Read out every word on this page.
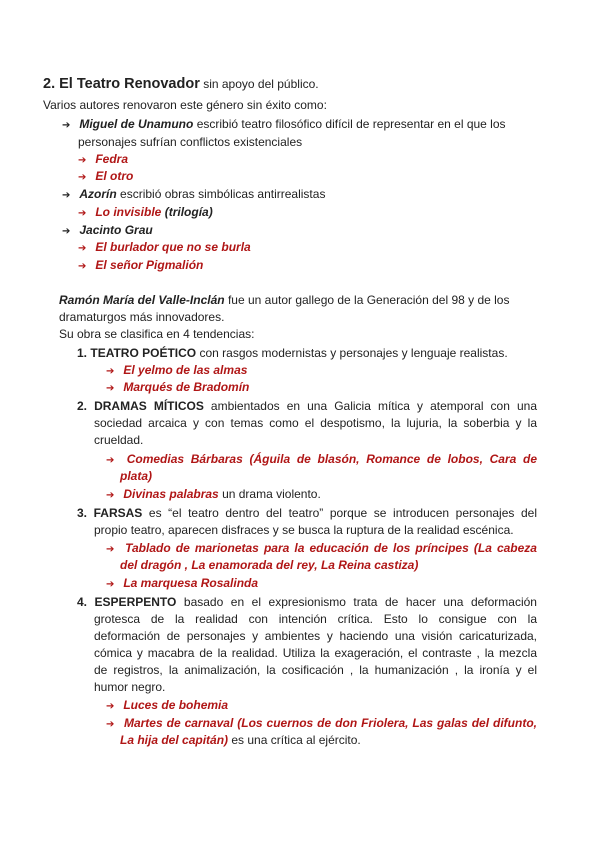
2. El Teatro Renovador sin apoyo del público.
Varios autores renovaron este género sin éxito como:
➔ Miguel de Unamuno escribió teatro filosófico difícil de representar en el que los
personajes sufrían conflictos existenciales
➔ Fedra
➔ El otro
➔ Azorín escribió obras simbólicas antirrealistas
➔ Lo invisible (trilogía)
➔ Jacinto Grau
➔ El burlador que no se burla
➔ El señor Pigmalión
Ramón María del Valle-Inclán fue un autor gallego de la Generación del 98 y de los
dramaturgos más innovadores.
Su obra se clasifica en 4 tendencias:
1. TEATRO POÉTICO con rasgos modernistas y personajes y lenguaje realistas.
➔ El yelmo de las almas
➔ Marqués de Bradomín
2. DRAMAS MÍTICOS ambientados en una Galicia mítica y atemporal con una
sociedad arcaica y con temas como el despotismo, la lujuria, la soberbia y la
crueldad.
➔ Comedias Bárbaras (Águila de blasón, Romance de lobos, Cara de
plata)
➔ Divinas palabras un drama violento.
3. FARSAS es “el teatro dentro del teatro” porque se introducen personajes del
propio teatro, aparecen disfraces y se busca la ruptura de la realidad escénica.
➔ Tablado de marionetas para la educación de los príncipes (La cabeza
del dragón , La enamorada del rey, La Reina castiza)
➔ La marquesa Rosalinda
4. ESPERPENTO basado en el expresionismo trata de hacer una deformación
grotesca de la realidad con intención crítica. Esto lo consigue con la
deformación de personajes y ambientes y haciendo una visión caricaturizada,
cómica y macabra de la realidad. Utiliza la exageración, el contraste , la mezcla
de registros, la animalización, la cosificación , la humanización , la ironía y el
humor negro.
➔ Luces de bohemia
➔ Martes de carnaval (Los cuernos de don Friolera, Las galas del difunto,
La hija del capitán) es una crítica al ejército.
